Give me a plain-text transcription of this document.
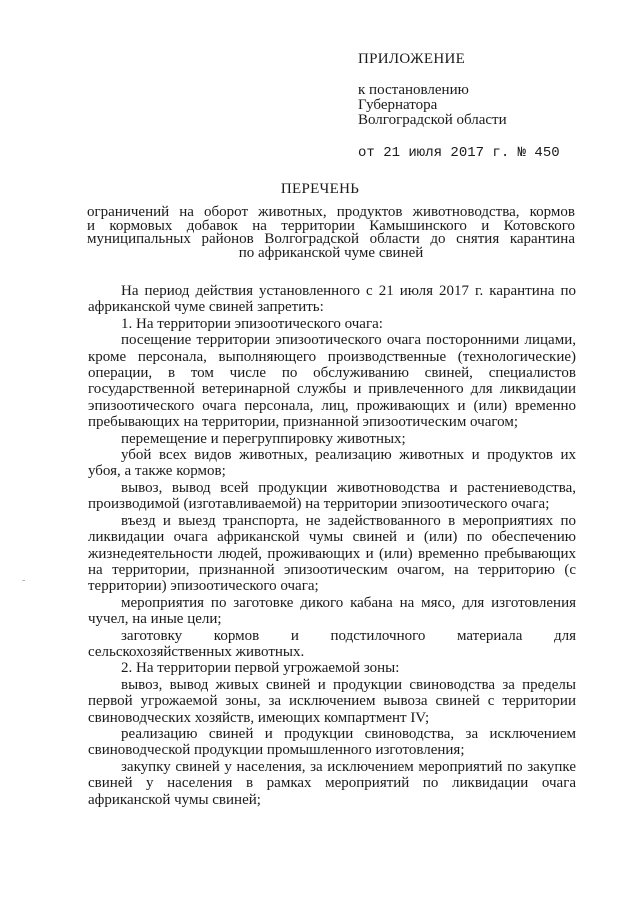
ПРИЛОЖЕНИЕ
к постановлению
Губернатора
Волгоградской области
от 21 июля 2017 г. № 450
ПЕРЕЧЕНЬ
ограничений на оборот животных, продуктов животноводства, кормов
и кормовых добавок на территории Камышинского и Котовского
муниципальных районов Волгоградской области до снятия карантина
по африканской чуме свиней
На период действия установленного с 21 июля 2017 г. карантина по африканской чуме свиней запретить:
1. На территории эпизоотического очага:
посещение территории эпизоотического очага посторонними лицами, кроме персонала, выполняющего производственные (технологические) операции, в том числе по обслуживанию свиней, специалистов государственной ветеринарной службы и привлеченного для ликвидации эпизоотического очага персонала, лиц, проживающих и (или) временно пребывающих на территории, признанной эпизоотическим очагом;
перемещение и перегруппировку животных;
убой всех видов животных, реализацию животных и продуктов их убоя, а также кормов;
вывоз, вывод всей продукции животноводства и растениеводства, производимой (изготавливаемой) на территории эпизоотического очага;
въезд и выезд транспорта, не задействованного в мероприятиях по ликвидации очага африканской чумы свиней и (или) по обеспечению жизнедеятельности людей, проживающих и (или) временно пребывающих на территории, признанной эпизоотическим очагом, на территорию (с территории) эпизоотического очага;
мероприятия по заготовке дикого кабана на мясо, для изготовления чучел, на иные цели;
заготовку кормов и подстилочного материала для сельскохозяйственных животных.
2. На территории первой угрожаемой зоны:
вывоз, вывод живых свиней и продукции свиноводства за пределы первой угрожаемой зоны, за исключением вывоза свиней с территории свиноводческих хозяйств, имеющих компартмент IV;
реализацию свиней и продукции свиноводства, за исключением свиноводческой продукции промышленного изготовления;
закупку свиней у населения, за исключением мероприятий по закупке свиней у населения в рамках мероприятий по ликвидации очага африканской чумы свиней;
-
